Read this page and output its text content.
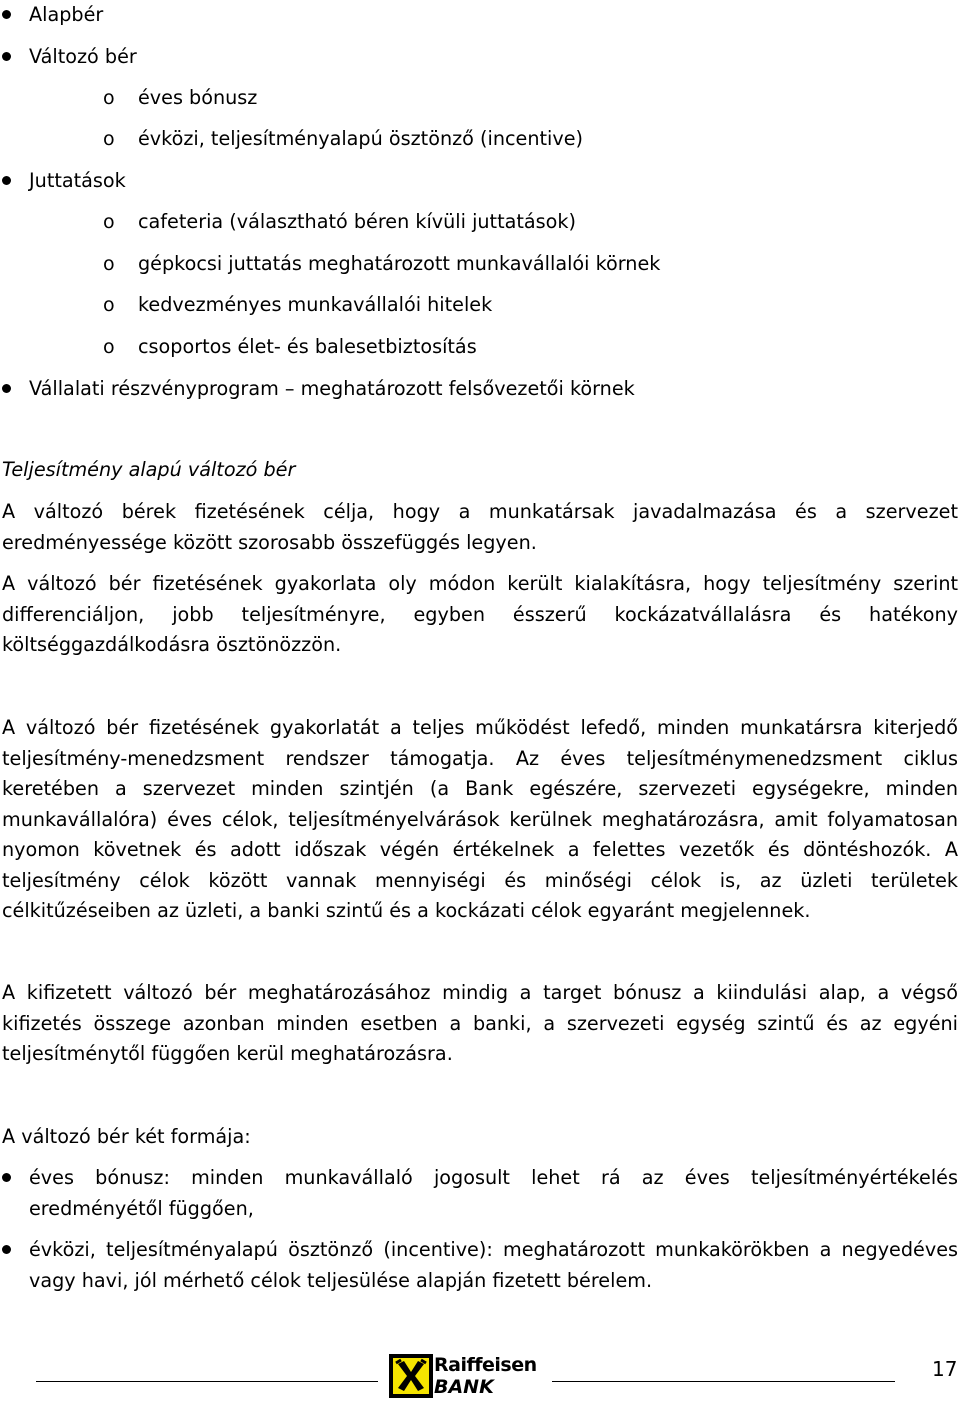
Alapbér
Változó bér
o éves bónusz
o évközi, teljesítményalapú ösztönző (incentive)
Juttatások
o cafeteria (választható béren kívüli juttatások)
o gépkocsi juttatás meghatározott munkavállalói körnek
o kedvezményes munkavállalói hitelek
o csoportos élet- és balesetbiztosítás
Vállalati részvényprogram – meghatározott felsővezetői körnek
Teljesítmény alapú változó bér
A változó bérek fizetésének célja, hogy a munkatársak javadalmazása és a szervezet eredményessége között szorosabb összefüggés legyen.
A változó bér fizetésének gyakorlata oly módon került kialakításra, hogy teljesítmény szerint differenciáljon, jobb teljesítményre, egyben ésszerű kockázatvállalásra és hatékony költséggazdálkodásra ösztönözzön.
A változó bér fizetésének gyakorlatát a teljes működést lefedő, minden munkatársra kiterjedő teljesítmény-menedzsment rendszer támogatja. Az éves teljesítménymenedzsment ciklus keretében a szervezet minden szintjén (a Bank egészére, szervezeti egységekre, minden munkavállalóra) éves célok, teljesítményelvárások kerülnek meghatározásra, amit folyamatosan nyomon követnek és adott időszak végén értékelnek a felettes vezetők és döntéshozók. A teljesítmény célok között vannak mennyiségi és minőségi célok is, az üzleti területek célkitűzéseiben az üzleti, a banki szintű és a kockázati célok egyaránt megjelennek.
A kifizetett változó bér meghatározásához mindig a target bónusz a kiindulási alap, a végső kifizetés összege azonban minden esetben a banki, a szervezeti egység szintű és az egyéni teljesítménytől függően kerül meghatározásra.
A változó bér két formája:
éves bónusz: minden munkavállaló jogosult lehet rá az éves teljesítményértékelés eredményétől függően,
évközi, teljesítményalapú ösztönző (incentive): meghatározott munkakörökben a negyedéves vagy havi, jól mérhető célok teljesülése alapján fizetett bérelem.
Raiffeisen
BANK
17
